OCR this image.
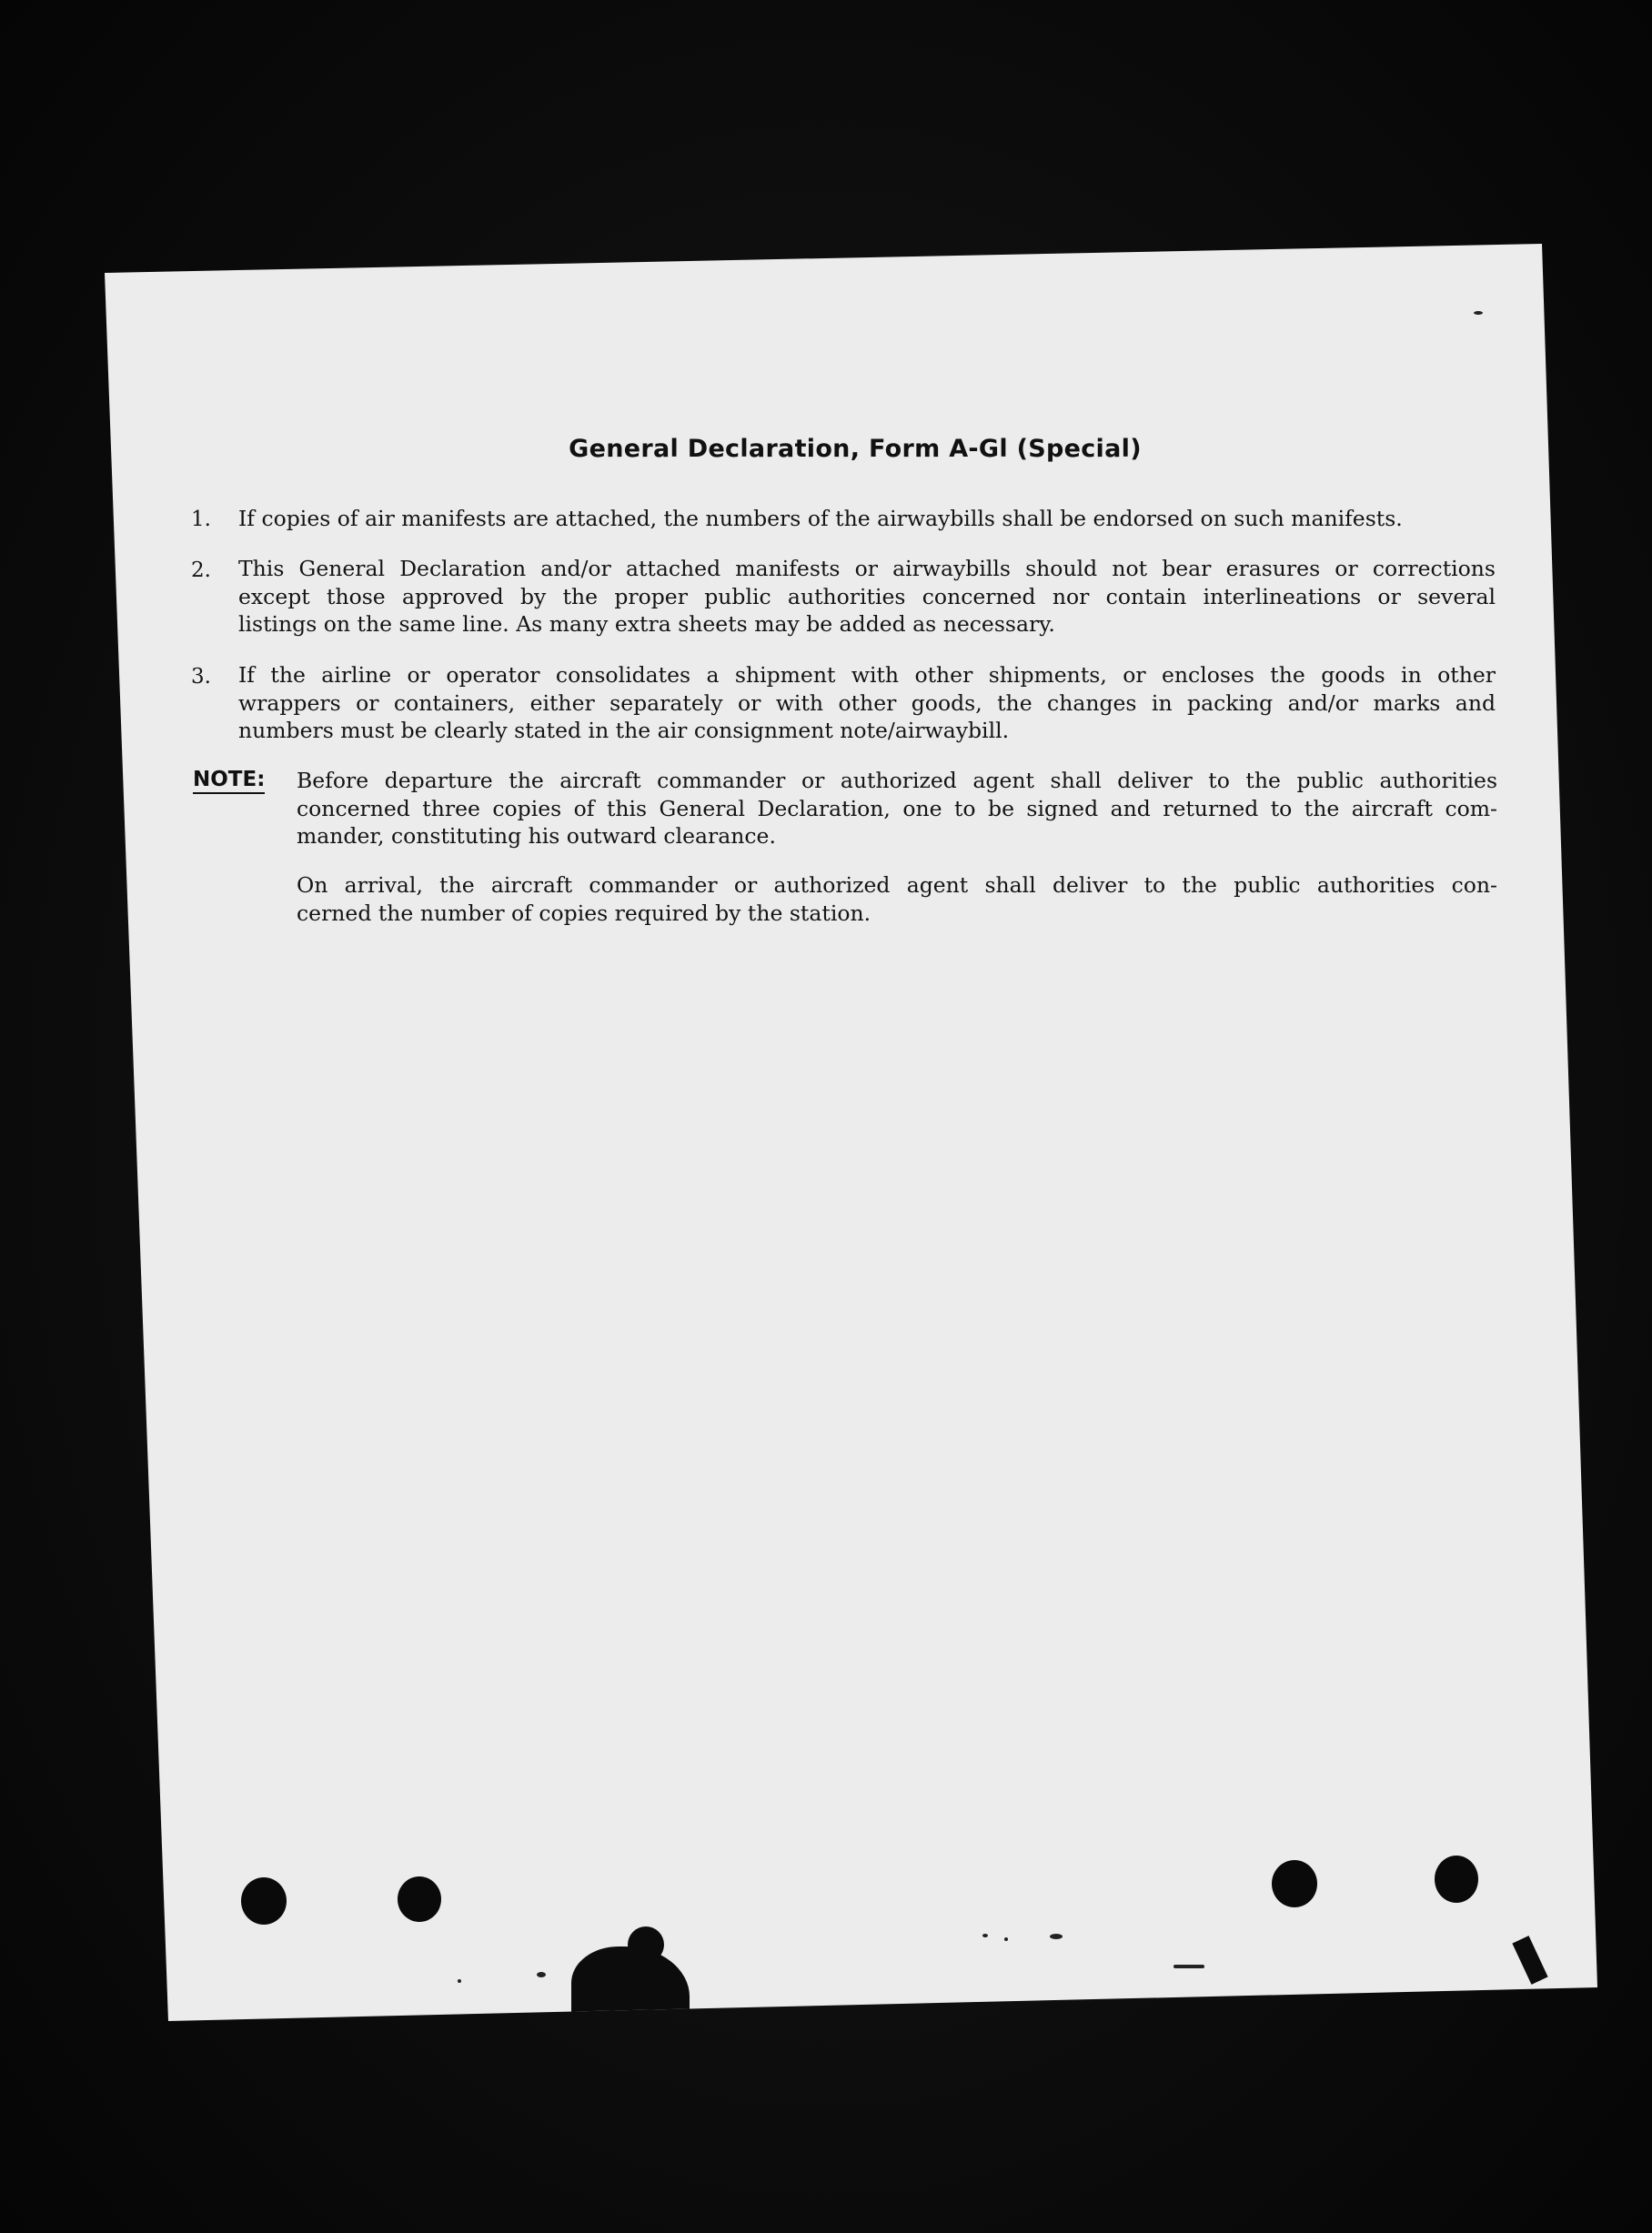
General Declaration, Form A-Gl (Special)
1. If copies of air manifests are attached, the numbers of the airwaybills shall be endorsed on such manifests.
2. This General Declaration and/or attached manifests or airwaybills should not bear erasures or corrections
except those approved by the proper public authorities concerned nor contain interlineations or several
listings on the same line. As many extra sheets may be added as necessary.
3. If the airline or operator consolidates a shipment with other shipments, or encloses the goods in other
wrappers or containers, either separately or with other goods, the changes in packing and/or marks and
numbers must be clearly stated in the air consignment note/airwaybill.
NOTE: Before departure the aircraft commander or authorized agent shall deliver to the public authorities
concerned three copies of this General Declaration, one to be signed and returned to the aircraft com-
mander, constituting his outward clearance.
On arrival, the aircraft commander or authorized agent shall deliver to the public authorities con-
cerned the number of copies required by the station.
